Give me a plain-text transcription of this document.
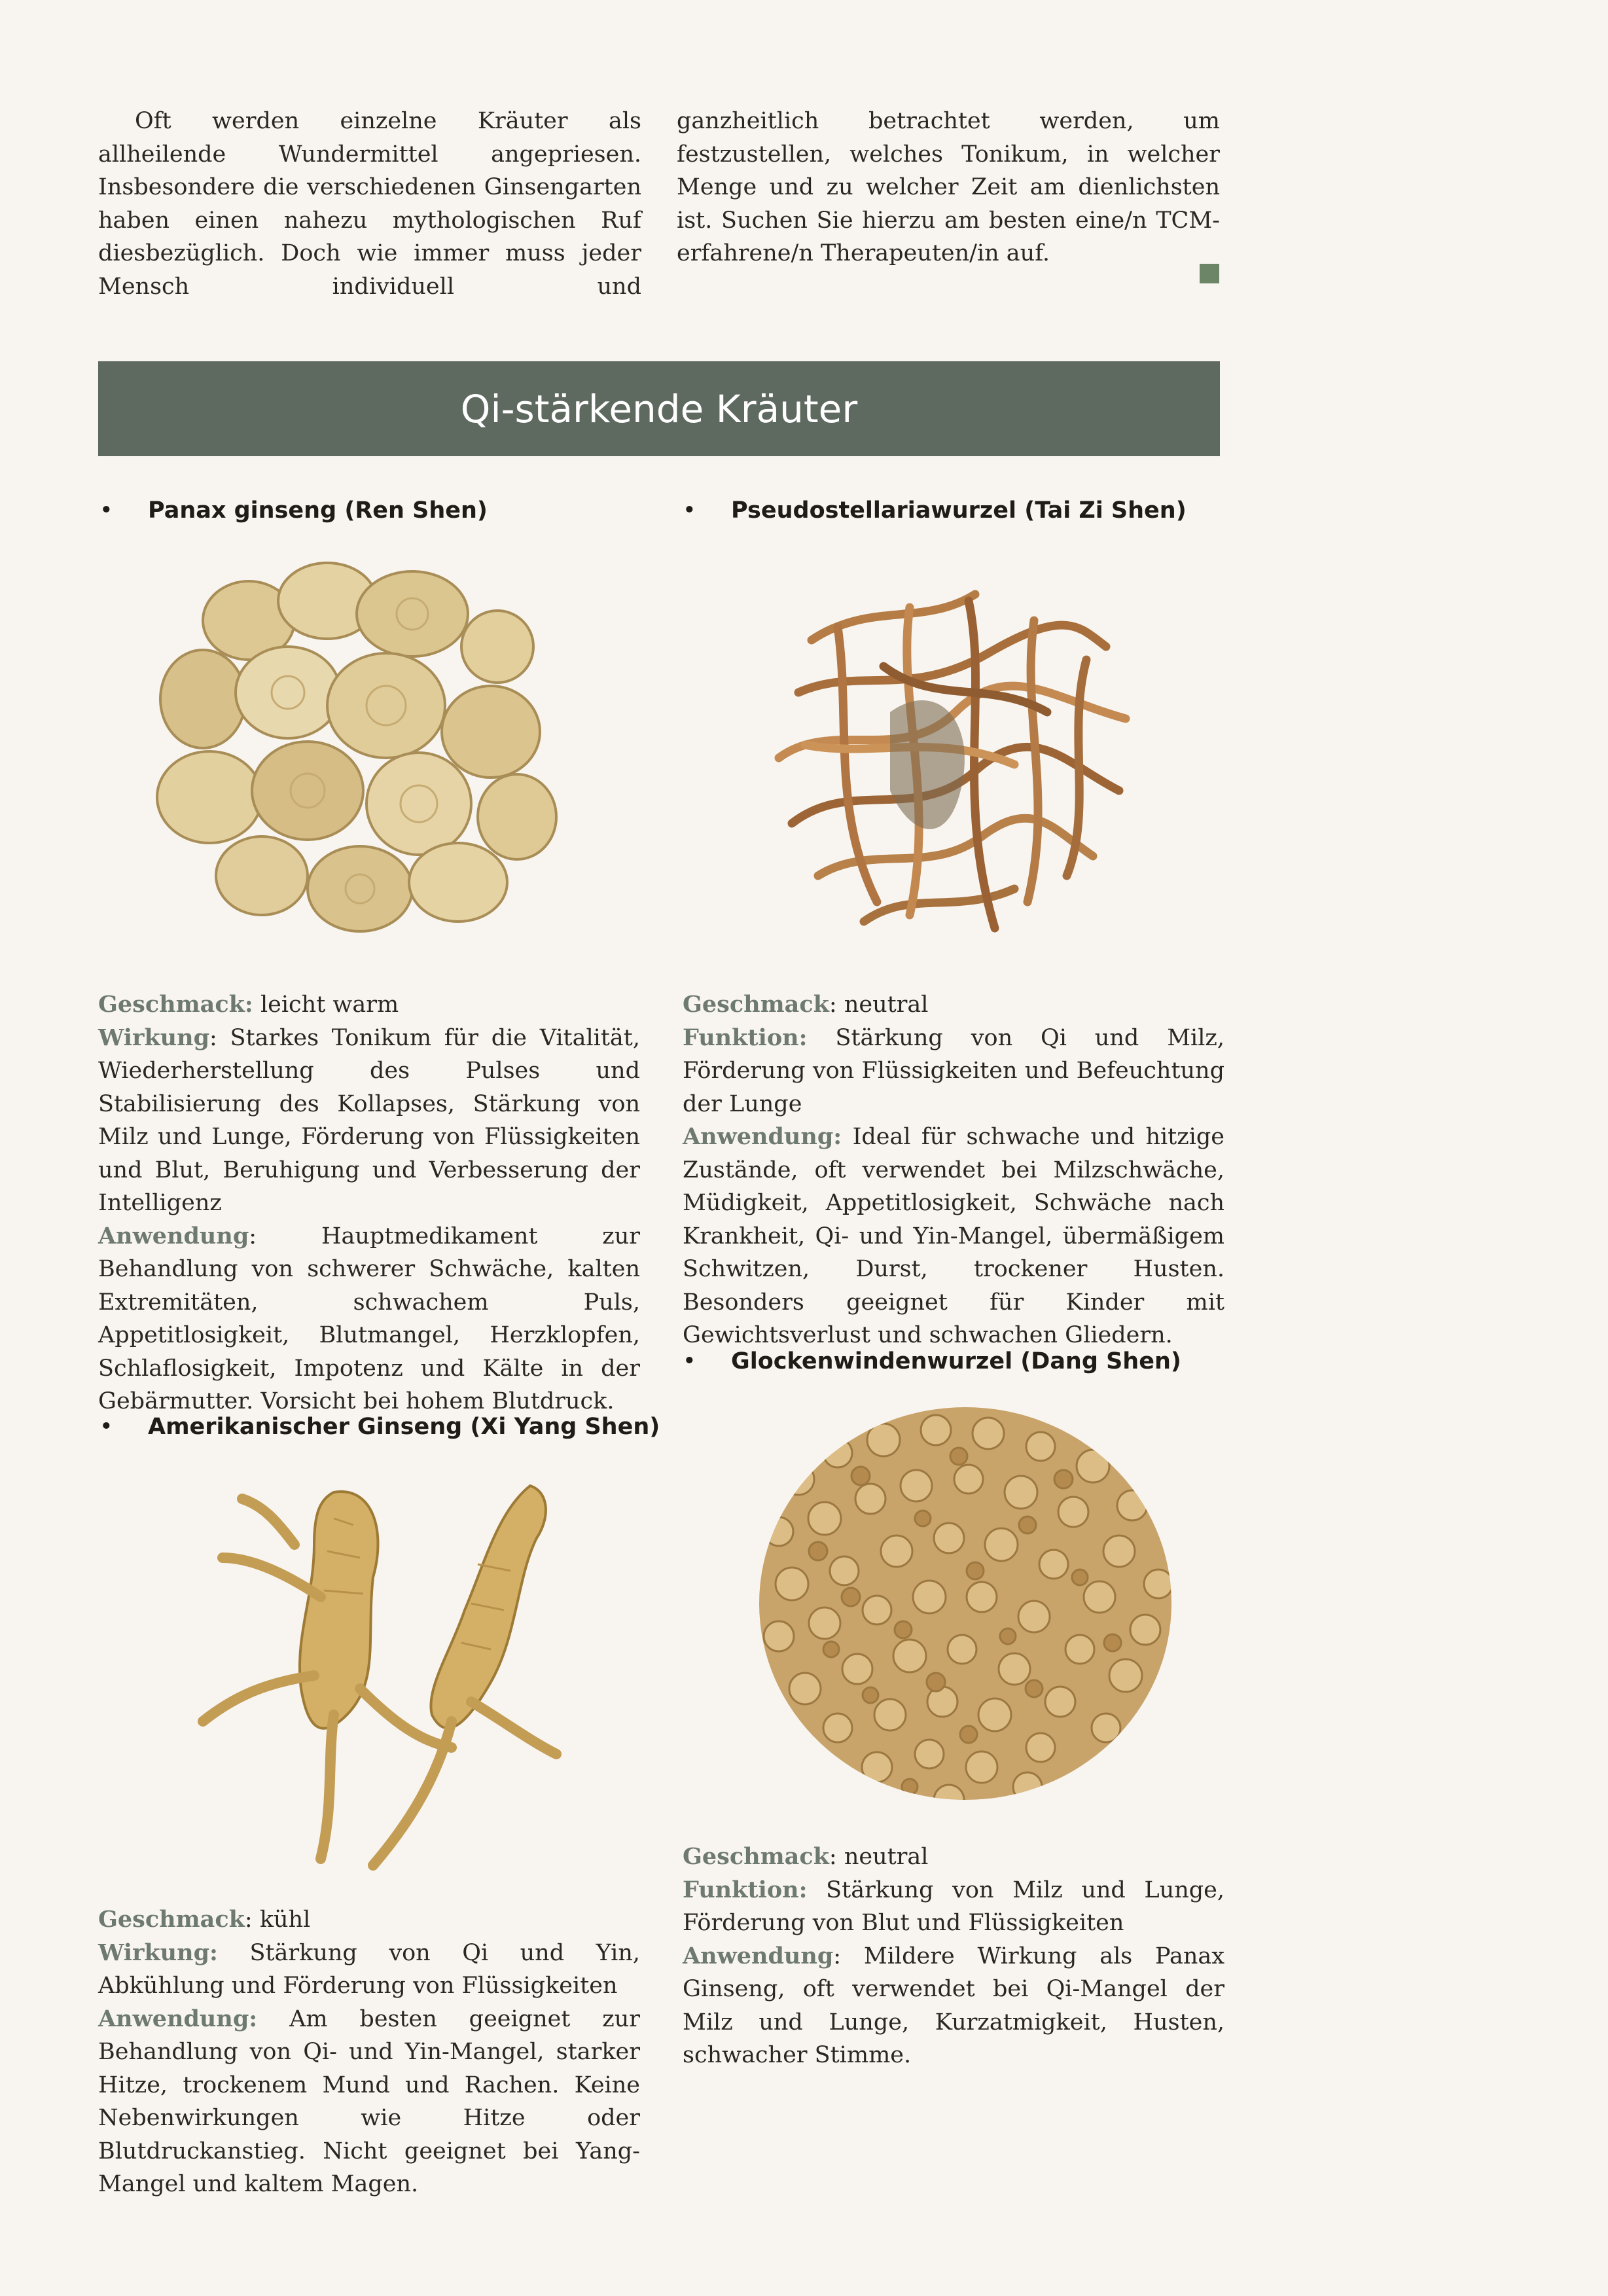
Oft werden einzelne Kräuter als allheilende Wundermittel angepriesen. Insbesondere die verschiedenen Ginsengarten haben einen nahezu mythologischen Ruf diesbezüglich. Doch wie immer muss jeder Mensch individuell und

ganzheitlich betrachtet werden, um festzustellen, welches Tonikum, in welcher Menge und zu welcher Zeit am dienlichsten ist. Suchen Sie hierzu am besten eine/n TCM-erfahrene/n Therapeuten/in auf.

Qi-stärkende Kräuter
• Panax ginseng (Ren Shen)

Geschmack: leicht warm

Wirkung: Starkes Tonikum für die Vitalität, Wiederherstellung des Pulses und Stabilisierung des Kollapses, Stärkung von Milz und Lunge, Förderung von Flüssigkeiten und Blut, Beruhigung und Verbesserung der Intelligenz

Anwendung: Hauptmedikament zur Behandlung von schwerer Schwäche, kalten Extremitäten, schwachem Puls, Appetitlosigkeit, Blutmangel, Herzklopfen, Schlaflosigkeit, Impotenz und Kälte in der Gebärmutter. Vorsicht bei hohem Blutdruck.

• Pseudostellariawurzel (Tai Zi Shen)

Geschmack: neutral

Funktion: Stärkung von Qi und Milz, Förderung von Flüssigkeiten und Befeuchtung der Lunge

Anwendung: Ideal für schwache und hitzige Zustände, oft verwendet bei Milzschwäche, Müdigkeit, Appetitlosigkeit, Schwäche nach Krankheit, Qi- und Yin-Mangel, übermäßigem Schwitzen, Durst, trockener Husten. Besonders geeignet für Kinder mit Gewichtsverlust und schwachen Gliedern.

• Amerikanischer Ginseng (Xi Yang Shen)

Geschmack: kühl

Wirkung: Stärkung von Qi und Yin, Abkühlung und Förderung von Flüssigkeiten

Anwendung: Am besten geeignet zur Behandlung von Qi- und Yin-Mangel, starker Hitze, trockenem Mund und Rachen. Keine Nebenwirkungen wie Hitze oder Blutdruckanstieg. Nicht geeignet bei Yang-Mangel und kaltem Magen.

• Glockenwindenwurzel (Dang Shen)

Geschmack: neutral

Funktion: Stärkung von Milz und Lunge, Förderung von Blut und Flüssigkeiten

Anwendung: Mildere Wirkung als Panax Ginseng, oft verwendet bei Qi-Mangel der Milz und Lunge, Kurzatmigkeit, Husten, schwacher Stimme.
